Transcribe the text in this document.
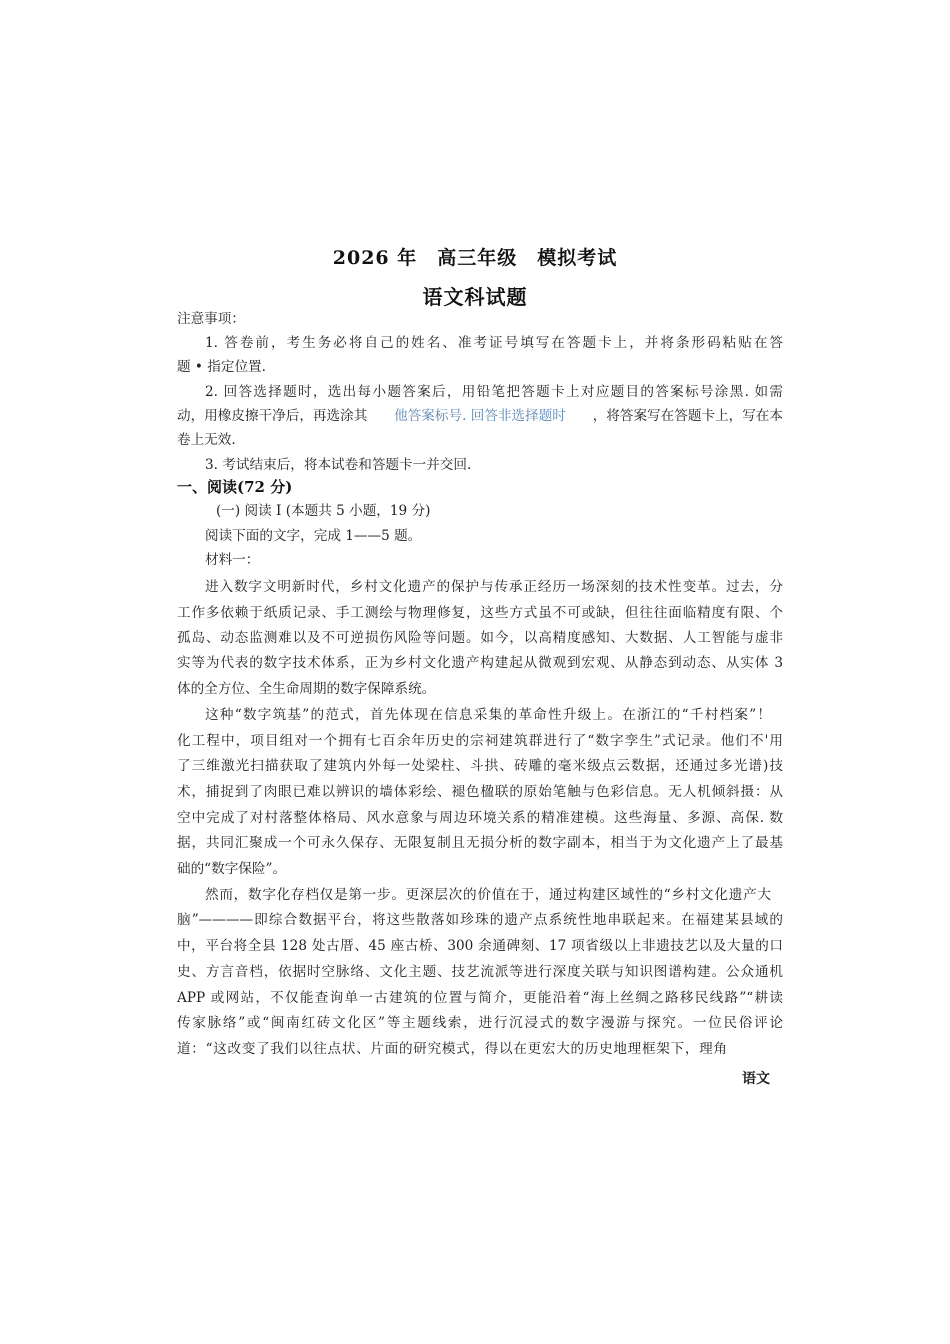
2026 年　高三年级　模拟考试
语文科试题
注意事项：
1. 答卷前，考生务必将自己的姓名、准考证号填写在答题卡上，并将条形码粘贴在答
题 • 指定位置.
2. 回答选择题时，选出每小题答案后，用铅笔把答题卡上对应题目的答案标号涂黑. 如需
动，用橡皮擦干净后，再选涂其 他答案标号. 回答非选择题时 ，将答案写在答题卡上，写在本
卷上无效.
3. 考试结束后，将本试卷和答题卡一并交回.
一、阅读(72 分)
(一) 阅读 Ⅰ (本题共 5 小题，19 分)
阅读下面的文字，完成 1——5 题。
材料一：
进入数字文明新时代，乡村文化遗产的保护与传承正经历一场深刻的技术性变革。过去，分
工作多依赖于纸质记录、手工测绘与物理修复，这些方式虽不可或缺，但往往面临精度有限、个
孤岛、动态监测难以及不可逆损伤风险等问题。如今，以高精度感知、大数据、人工智能与虚非
实等为代表的数字技术体系，正为乡村文化遗产构建起从微观到宏观、从静态到动态、从实体 3
体的全方位、全生命周期的数字保障系统。
这种“数字筑基”的范式，首先体现在信息采集的革命性升级上。在浙江的“千村档案”！
化工程中，项目组对一个拥有七百余年历史的宗祠建筑群进行了“数字孪生”式记录。他们不'用
了三维激光扫描获取了建筑内外每一处梁柱、斗拱、砖雕的毫米级点云数据，还通过多光谱)技
术，捕捉到了肉眼已难以辨识的墙体彩绘、褪色楹联的原始笔触与色彩信息。无人机倾斜摄：从
空中完成了对村落整体格局、风水意象与周边环境关系的精准建模。这些海量、多源、高保. 数
据，共同汇聚成一个可永久保存、无限复制且无损分析的数字副本，相当于为文化遗产上了最基
础的“数字保险”。
然而，数字化存档仅是第一步。更深层次的价值在于，通过构建区域性的“乡村文化遗产大
脑”————即综合数据平台，将这些散落如珍珠的遗产点系统性地串联起来。在福建某县域的
中，平台将全县 128 处古厝、45 座古桥、300 余通碑刻、17 项省级以上非遗技艺以及大量的口
史、方言音档，依据时空脉络、文化主题、技艺流派等进行深度关联与知识图谱构建。公众通机
APP 或网站，不仅能查询单一古建筑的位置与简介，更能沿着“海上丝绸之路移民线路”“耕读
传家脉络”或“闽南红砖文化区”等主题线索，进行沉浸式的数字漫游与探究。一位民俗评论
道：“这改变了我们以往点状、片面的研究模式，得以在更宏大的历史地理框架下，理角
语文
